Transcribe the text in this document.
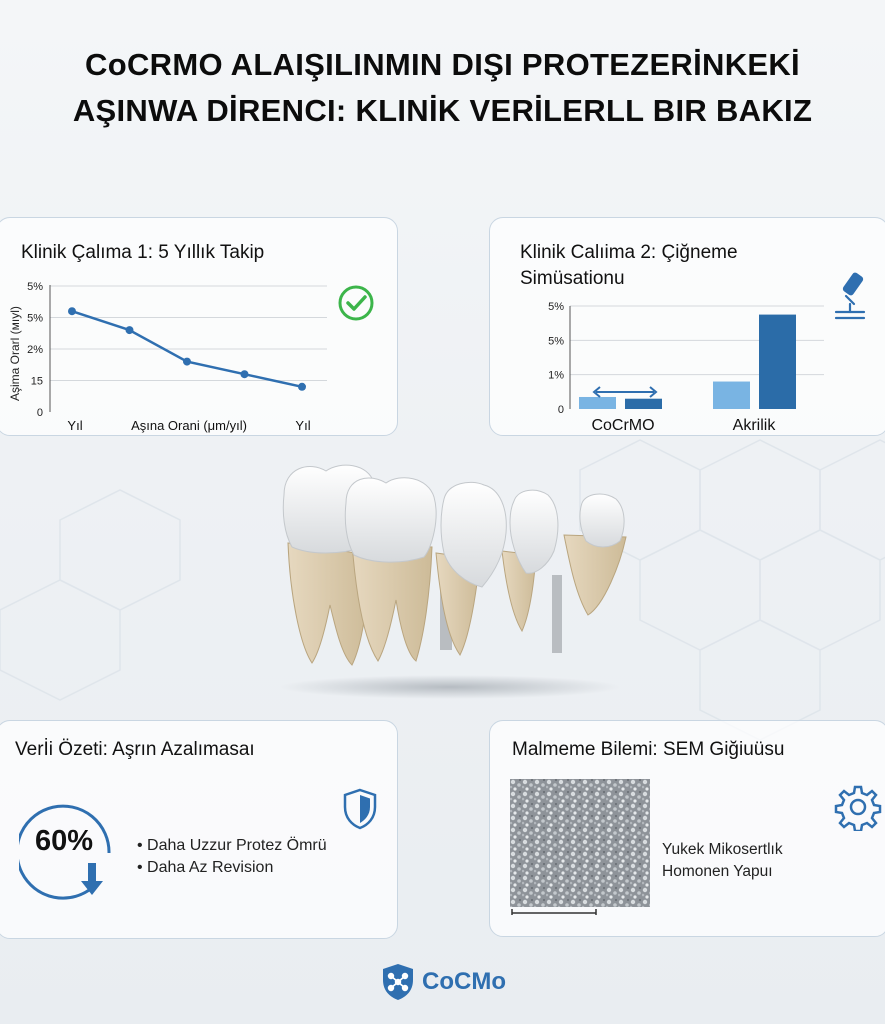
CoCRMO ALAIŞILINMIN DIŞI PROTEZERİNKEKİ
AŞINWA DİRENCI: KLINİK VERİLERLL BIR BAKIZ
Klinik Çalıma 1: 5 Yıllık Takip
Aşima Orarl (мıyl)
0
15
2%
5%
5%
Yıl	Aşına Orani (μm/yıl)	Yıl
Klinik Calıima 2: Çiğneme
Simüsationu
0
1%
5%
5%
CoCrMO	Akrilik
Verİi Özeti: Aşrın Azalımasaı
60%	• Daha Uzzur Protez Ömrü
• Daha Az Revision
Malmeme Bilemi: SEM Giğiuüsu
Yukek Mikosertlık
Homonen Yapuı
CoCMo
